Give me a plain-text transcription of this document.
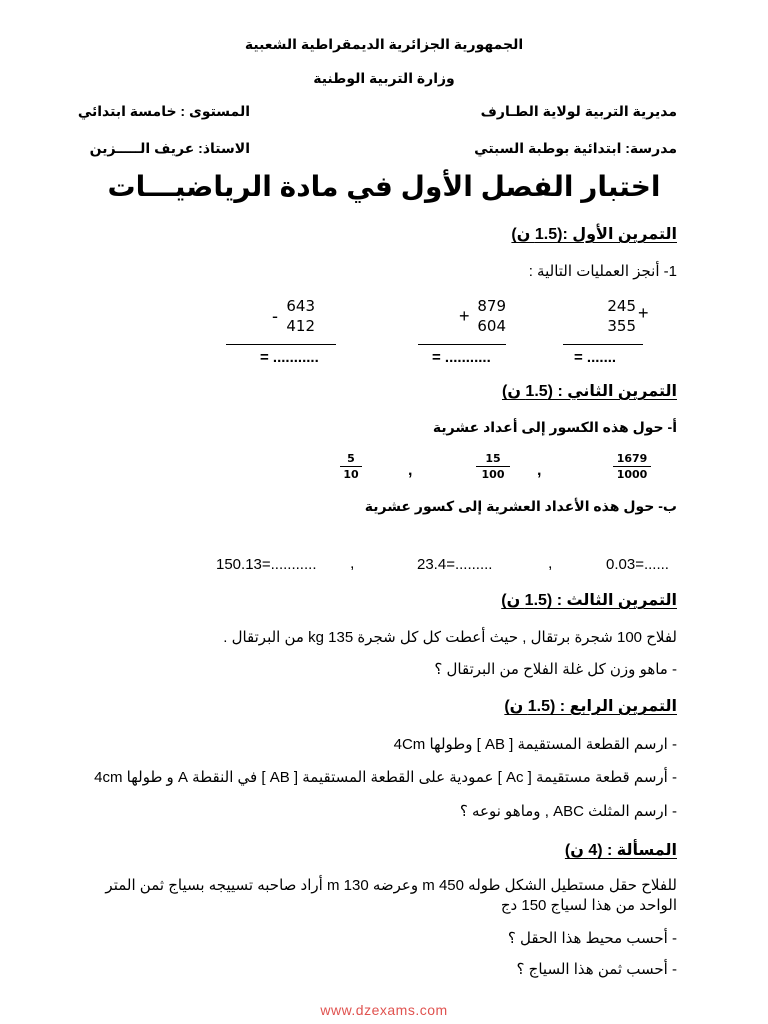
الجمهورية الجزائرية الديمقراطية الشعبية
وزارة التربية الوطنية
مديرية التربية لولاية الطـارف
المستوى : خامسة ابتدائي
مدرسة: ابتدائية بوطبة السبتي
الاستاذ: عريف الـــــزين
اختبار الفصل الأول في مادة الرياضيـــات
التمرين الأول :(1.5 ن)
1- أنجز العمليات التالية :
+
245
355
= .......
+ 879
604
= ...........
- 643
412
= ...........
التمرين الثاني : (1.5 ن)
أ- حول هذه الكسور إلى أعداد عشرية
$\frac{1679}{1000}$
,
$\frac{15}{100}$
,
$\frac{5}{10}$
ب- حول هذه الأعداد العشرية إلى كسور عشرية
0.03=......
,
23.4=.........
,
150.13=...........
التمرين الثالث : (1.5 ن)
لفلاح 100 شجرة برتقال , حيث أعطت كل كل شجرة 135 kg من البرتقال .
- ماهو وزن كل غلة الفلاح من البرتقال ؟
التمرين الرابع : (1.5 ن)
- ارسم القطعة المستقيمة [ AB ] وطولها 4Cm
- أرسم قطعة مستقيمة [ Ac ] عمودية على القطعة المستقيمة [ AB ] في النقطة A و طولها 4cm
- ارسم المثلث ABC , وماهو نوعه ؟
المسألة : (4 ن)
للفلاح حقل مستطيل الشكل طوله 450 m وعرضه 130 m أراد صاحبه تسييجه بسياج ثمن المتر
الواحد من هذا لسياج 150 دج
- أحسب محيط هذا الحقل ؟
- أحسب ثمن هذا السياج ؟
www.dzexams.com
